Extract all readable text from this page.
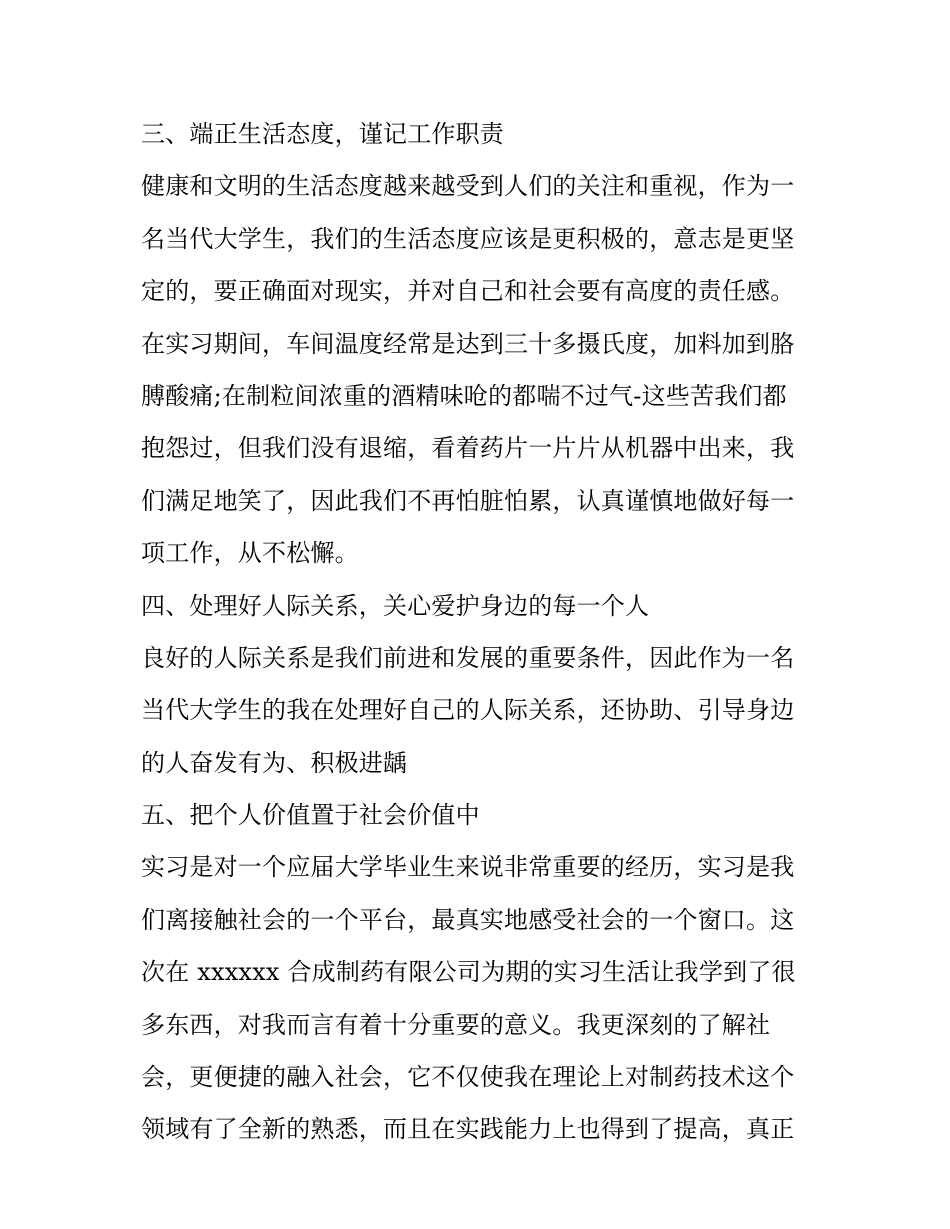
三、端正生活态度，谨记工作职责
健康和文明的生活态度越来越受到人们的关注和重视，作为一
名当代大学生，我们的生活态度应该是更积极的，意志是更坚
定的，要正确面对现实，并对自己和社会要有高度的责任感。
在实习期间，车间温度经常是达到三十多摄氏度，加料加到胳
膊酸痛;在制粒间浓重的酒精味呛的都喘不过气-这些苦我们都
抱怨过，但我们没有退缩，看着药片一片片从机器中出来，我
们满足地笑了，因此我们不再怕脏怕累，认真谨慎地做好每一
项工作，从不松懈。
四、处理好人际关系，关心爱护身边的每一个人
良好的人际关系是我们前进和发展的重要条件，因此作为一名
当代大学生的我在处理好自己的人际关系，还协助、引导身边
的人奋发有为、积极进龋
五、把个人价值置于社会价值中
实习是对一个应届大学毕业生来说非常重要的经历，实习是我
们离接触社会的一个平台，最真实地感受社会的一个窗口。这
次在 xxxxxx 合成制药有限公司为期的实习生活让我学到了很
多东西，对我而言有着十分重要的意义。我更深刻的了解社
会，更便捷的融入社会，它不仅使我在理论上对制药技术这个
领域有了全新的熟悉，而且在实践能力上也得到了提高，真正
